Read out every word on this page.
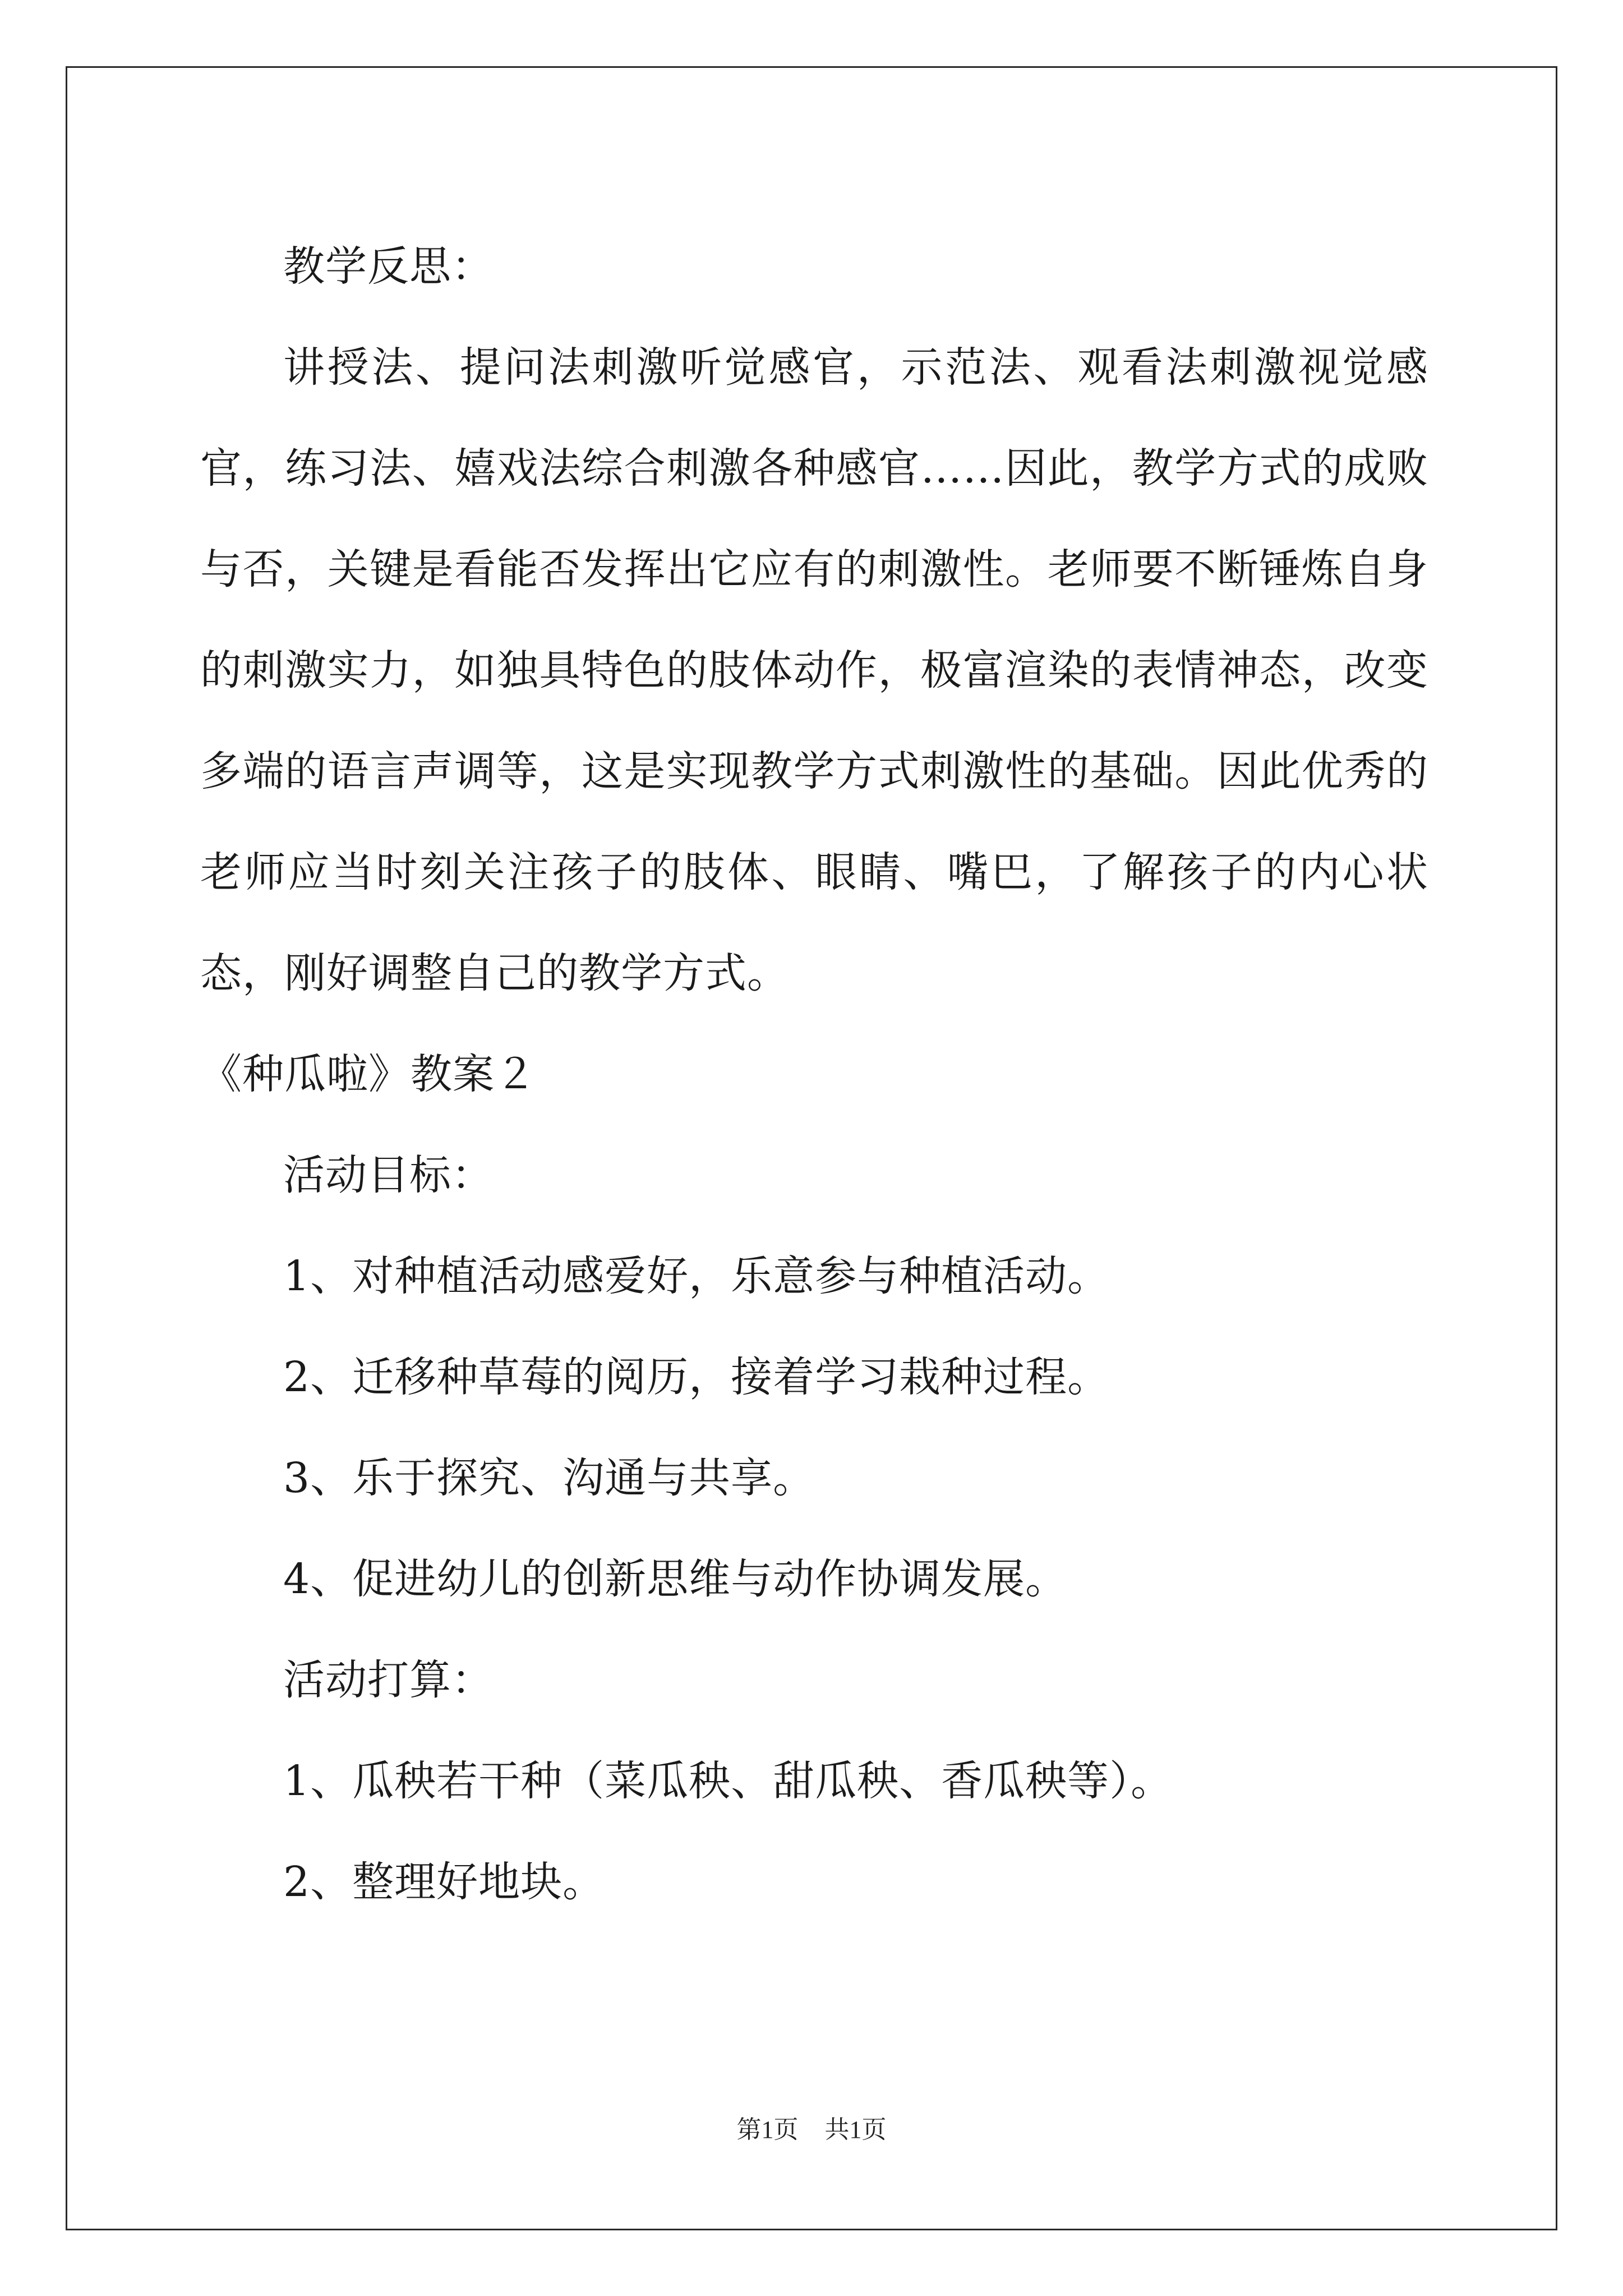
教学反思：

讲授法、提问法刺激听觉感官，示范法、观看法刺激视觉感官，练习法、嬉戏法综合刺激各种感官……因此，教学方式的成败与否，关键是看能否发挥出它应有的刺激性。老师要不断锤炼自身的刺激实力，如独具特色的肢体动作，极富渲染的表情神态，改变多端的语言声调等，这是实现教学方式刺激性的基础。因此优秀的老师应当时刻关注孩子的肢体、眼睛、嘴巴，了解孩子的内心状态，刚好调整自己的教学方式。

《种瓜啦》教案２

活动目标：

1、对种植活动感爱好，乐意参与种植活动。

2、迁移种草莓的阅历，接着学习栽种过程。

3、乐于探究、沟通与共享。

4、促进幼儿的创新思维与动作协调发展。

活动打算：

1、瓜秧若干种（菜瓜秧、甜瓜秧、香瓜秧等）。

2、整理好地块。

第1页 共1页
